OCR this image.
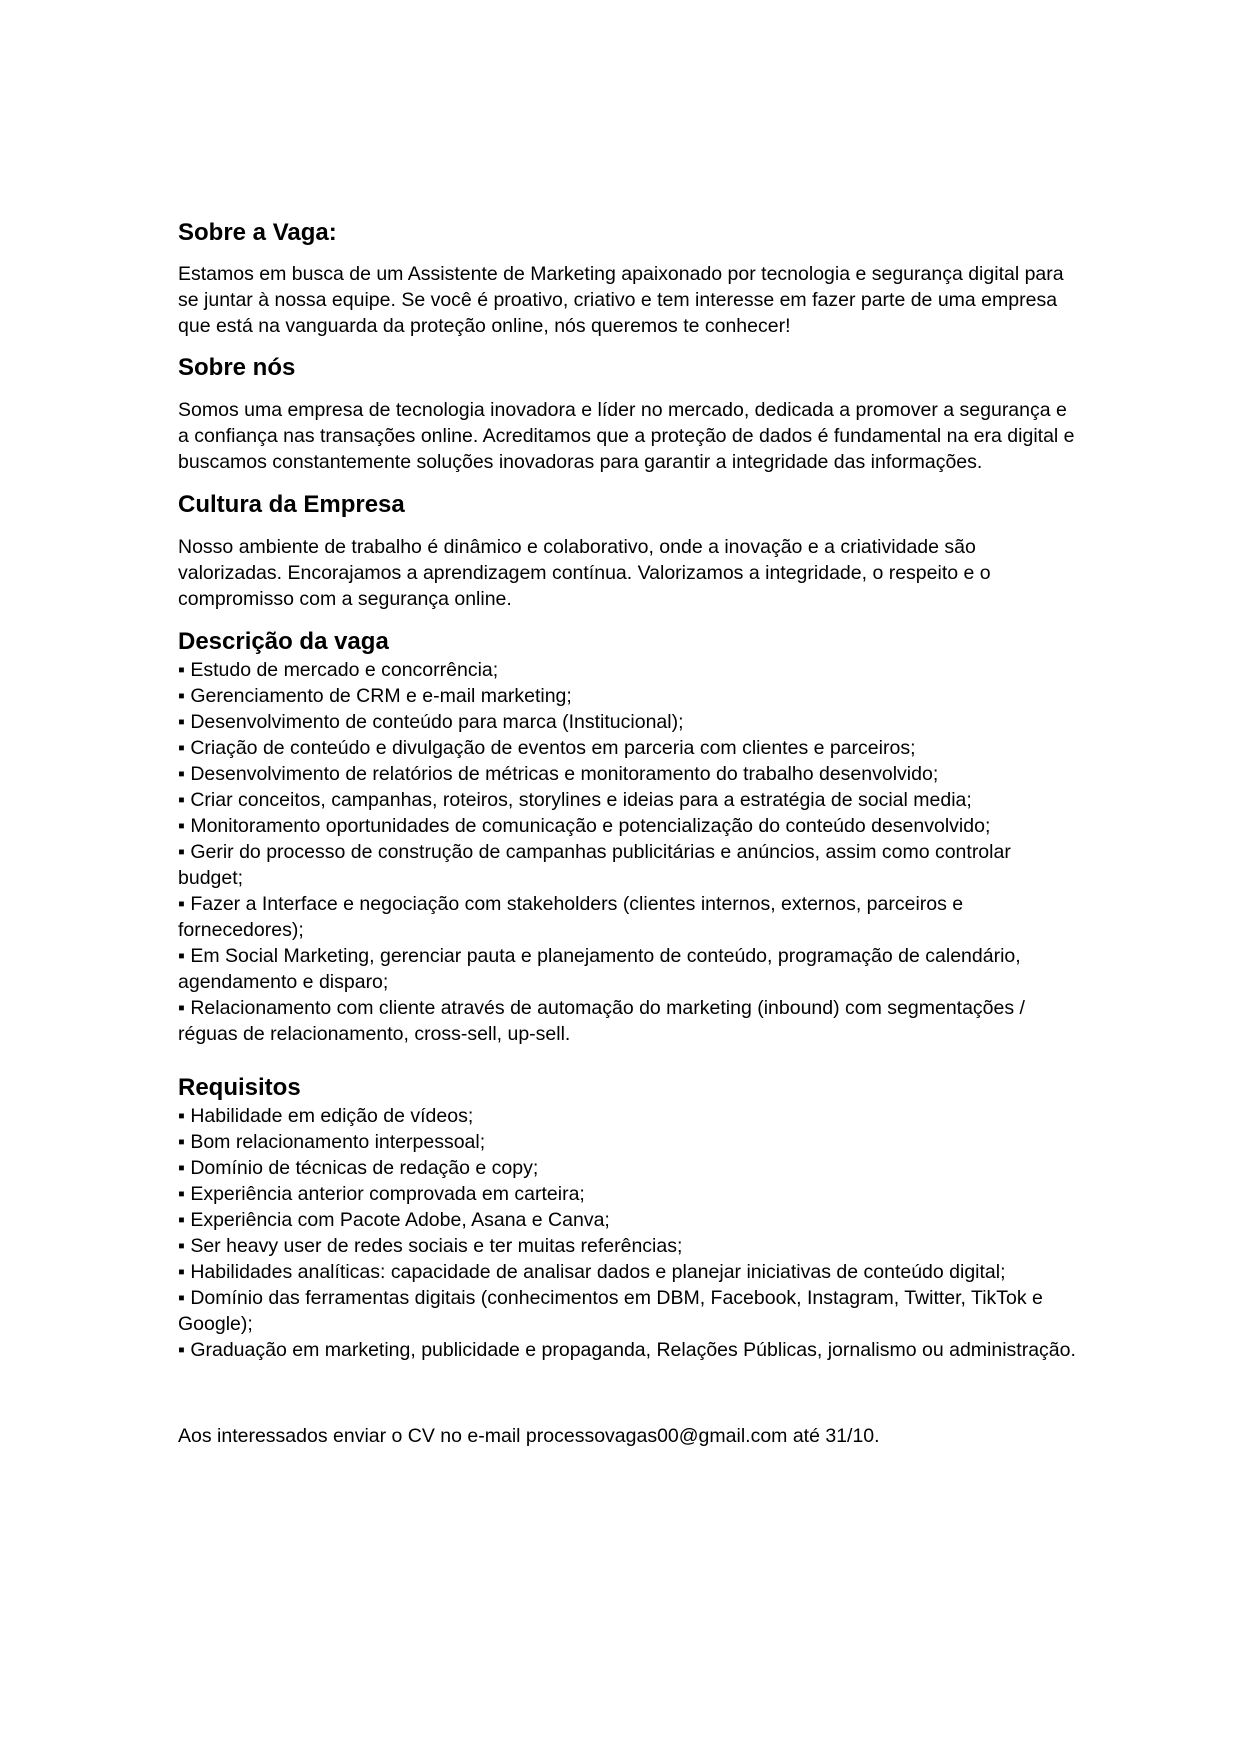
Sobre a Vaga:

Estamos em busca de um Assistente de Marketing apaixonado por tecnologia e segurança digital para se juntar à nossa equipe. Se você é proativo, criativo e tem interesse em fazer parte de uma empresa que está na vanguarda da proteção online, nós queremos te conhecer!

Sobre nós

Somos uma empresa de tecnologia inovadora e líder no mercado, dedicada a promover a segurança e a confiança nas transações online. Acreditamos que a proteção de dados é fundamental na era digital e buscamos constantemente soluções inovadoras para garantir a integridade das informações.

Cultura da Empresa

Nosso ambiente de trabalho é dinâmico e colaborativo, onde a inovação e a criatividade são valorizadas. Encorajamos a aprendizagem contínua. Valorizamos a integridade, o respeito e o compromisso com a segurança online.

Descrição da vaga
▪ Estudo de mercado e concorrência;
▪ Gerenciamento de CRM e e-mail marketing;
▪ Desenvolvimento de conteúdo para marca (Institucional);
▪ Criação de conteúdo e divulgação de eventos em parceria com clientes e parceiros;
▪ Desenvolvimento de relatórios de métricas e monitoramento do trabalho desenvolvido;
▪ Criar conceitos, campanhas, roteiros, storylines e ideias para a estratégia de social media;
▪ Monitoramento oportunidades de comunicação e potencialização do conteúdo desenvolvido;
▪ Gerir do processo de construção de campanhas publicitárias e anúncios, assim como controlar budget;
▪ Fazer a Interface e negociação com stakeholders (clientes internos, externos, parceiros e fornecedores);
▪ Em Social Marketing, gerenciar pauta e planejamento de conteúdo, programação de calendário, agendamento e disparo;
▪ Relacionamento com cliente através de automação do marketing (inbound) com segmentações / réguas de relacionamento, cross-sell, up-sell.
Requisitos
▪ Habilidade em edição de vídeos;
▪ Bom relacionamento interpessoal;
▪ Domínio de técnicas de redação e copy;
▪ Experiência anterior comprovada em carteira;
▪ Experiência com Pacote Adobe, Asana e Canva;
▪ Ser heavy user de redes sociais e ter muitas referências;
▪ Habilidades analíticas: capacidade de analisar dados e planejar iniciativas de conteúdo digital;
▪ Domínio das ferramentas digitais (conhecimentos em DBM, Facebook, Instagram, Twitter, TikTok e Google);
▪ Graduação em marketing, publicidade e propaganda, Relações Públicas, jornalismo ou administração.

Aos interessados enviar o CV no e-mail processovagas00@gmail.com até 31/10.
